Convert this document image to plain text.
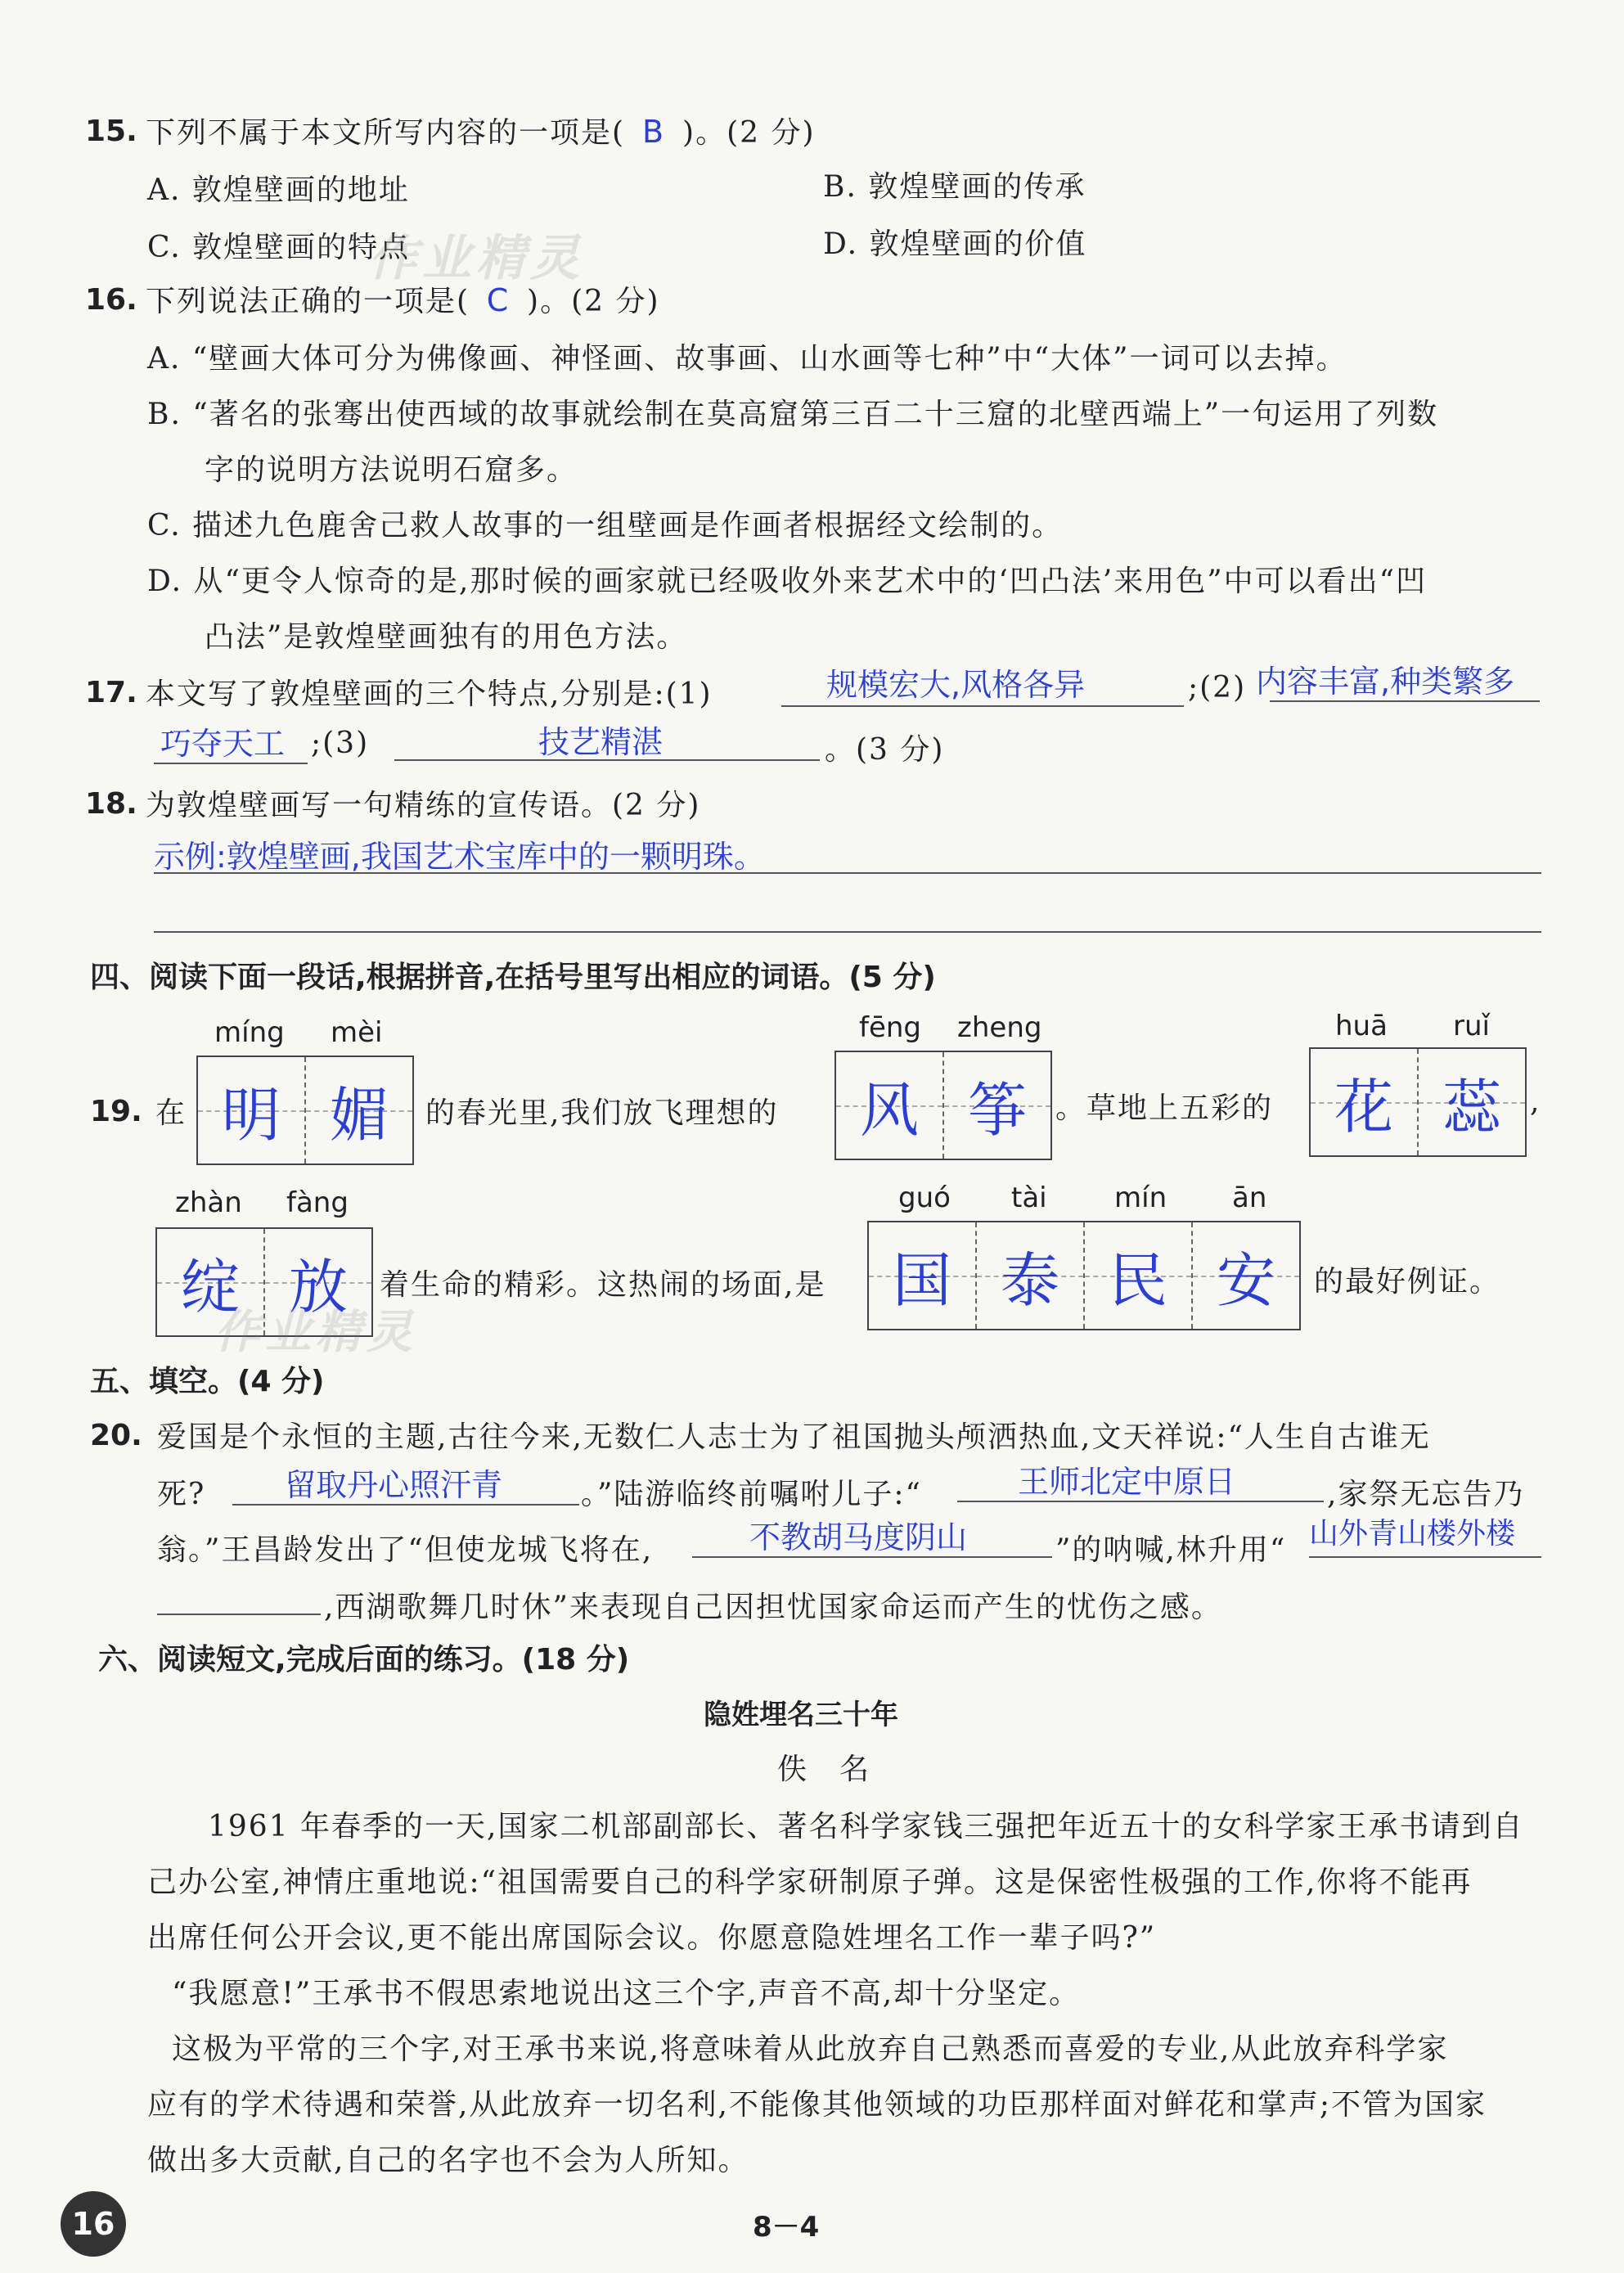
15. 下列不属于本文所写内容的一项是( B )。(2 分)
A. 敦煌壁画的地址	B. 敦煌壁画的传承
C. 敦煌壁画的特点	D. 敦煌壁画的价值
作业精灵
16. 下列说法正确的一项是( C )。(2 分)
A. “壁画大体可分为佛像画、神怪画、故事画、山水画等七种”中“大体”一词可以去掉。
B. “著名的张骞出使西域的故事就绘制在莫高窟第三百二十三窟的北壁西端上”一句运用了列数
字的说明方法说明石窟多。
C. 描述九色鹿舍己救人故事的一组壁画是作画者根据经文绘制的。
D. 从“更令人惊奇的是,那时候的画家就已经吸收外来艺术中的‘凹凸法’来用色”中可以看出“凹
凸法”是敦煌壁画独有的用色方法。
17. 本文写了敦煌壁画的三个特点,分别是:(1)	规模宏大,风格各异	;(2) 内容丰富,种类繁多
巧夺天工 ;(3)	技艺精湛	。(3 分)
18. 为敦煌壁画写一句精练的宣传语。(2 分)
示例:敦煌壁画,我国艺术宝库中的一颗明珠。
四、阅读下面一段话,根据拼音,在括号里写出相应的词语。(5 分)
19. 在
míng mèi
明 媚 的春光里,我们放飞理想的
fēng zheng
风 筝 。草地上五彩的
huā ruǐ
花 蕊 ,
zhàn fàng
绽 放
作业精灵
着生命的精彩。这热闹的场面,是
guó tài mín ān
国 泰 民 安 的最好例证。
五、填空。(4 分)
20. 爱国是个永恒的主题,古往今来,无数仁人志士为了祖国抛头颅洒热血,文天祥说:“人生自古谁无
死?	留取丹心照汗青	。”陆游临终前嘱咐儿子:“	王师北定中原日	,家祭无忘告乃
翁。”王昌龄发出了“但使龙城飞将在,	不教胡马度阴山	”的呐喊,林升用“ 山外青山楼外楼
,西湖歌舞几时休”来表现自己因担忧国家命运而产生的忧伤之感。
六、阅读短文,完成后面的练习。(18 分)
隐姓埋名三十年
佚　名
1961 年春季的一天,国家二机部副部长、著名科学家钱三强把年近五十的女科学家王承书请到自
己办公室,神情庄重地说:“祖国需要自己的科学家研制原子弹。这是保密性极强的工作,你将不能再
出席任何公开会议,更不能出席国际会议。你愿意隐姓埋名工作一辈子吗?”
“我愿意!”王承书不假思索地说出这三个字,声音不高,却十分坚定。
这极为平常的三个字,对王承书来说,将意味着从此放弃自己熟悉而喜爱的专业,从此放弃科学家
应有的学术待遇和荣誉,从此放弃一切名利,不能像其他领域的功臣那样面对鲜花和掌声;不管为国家
做出多大贡献,自己的名字也不会为人所知。
16	8－4
